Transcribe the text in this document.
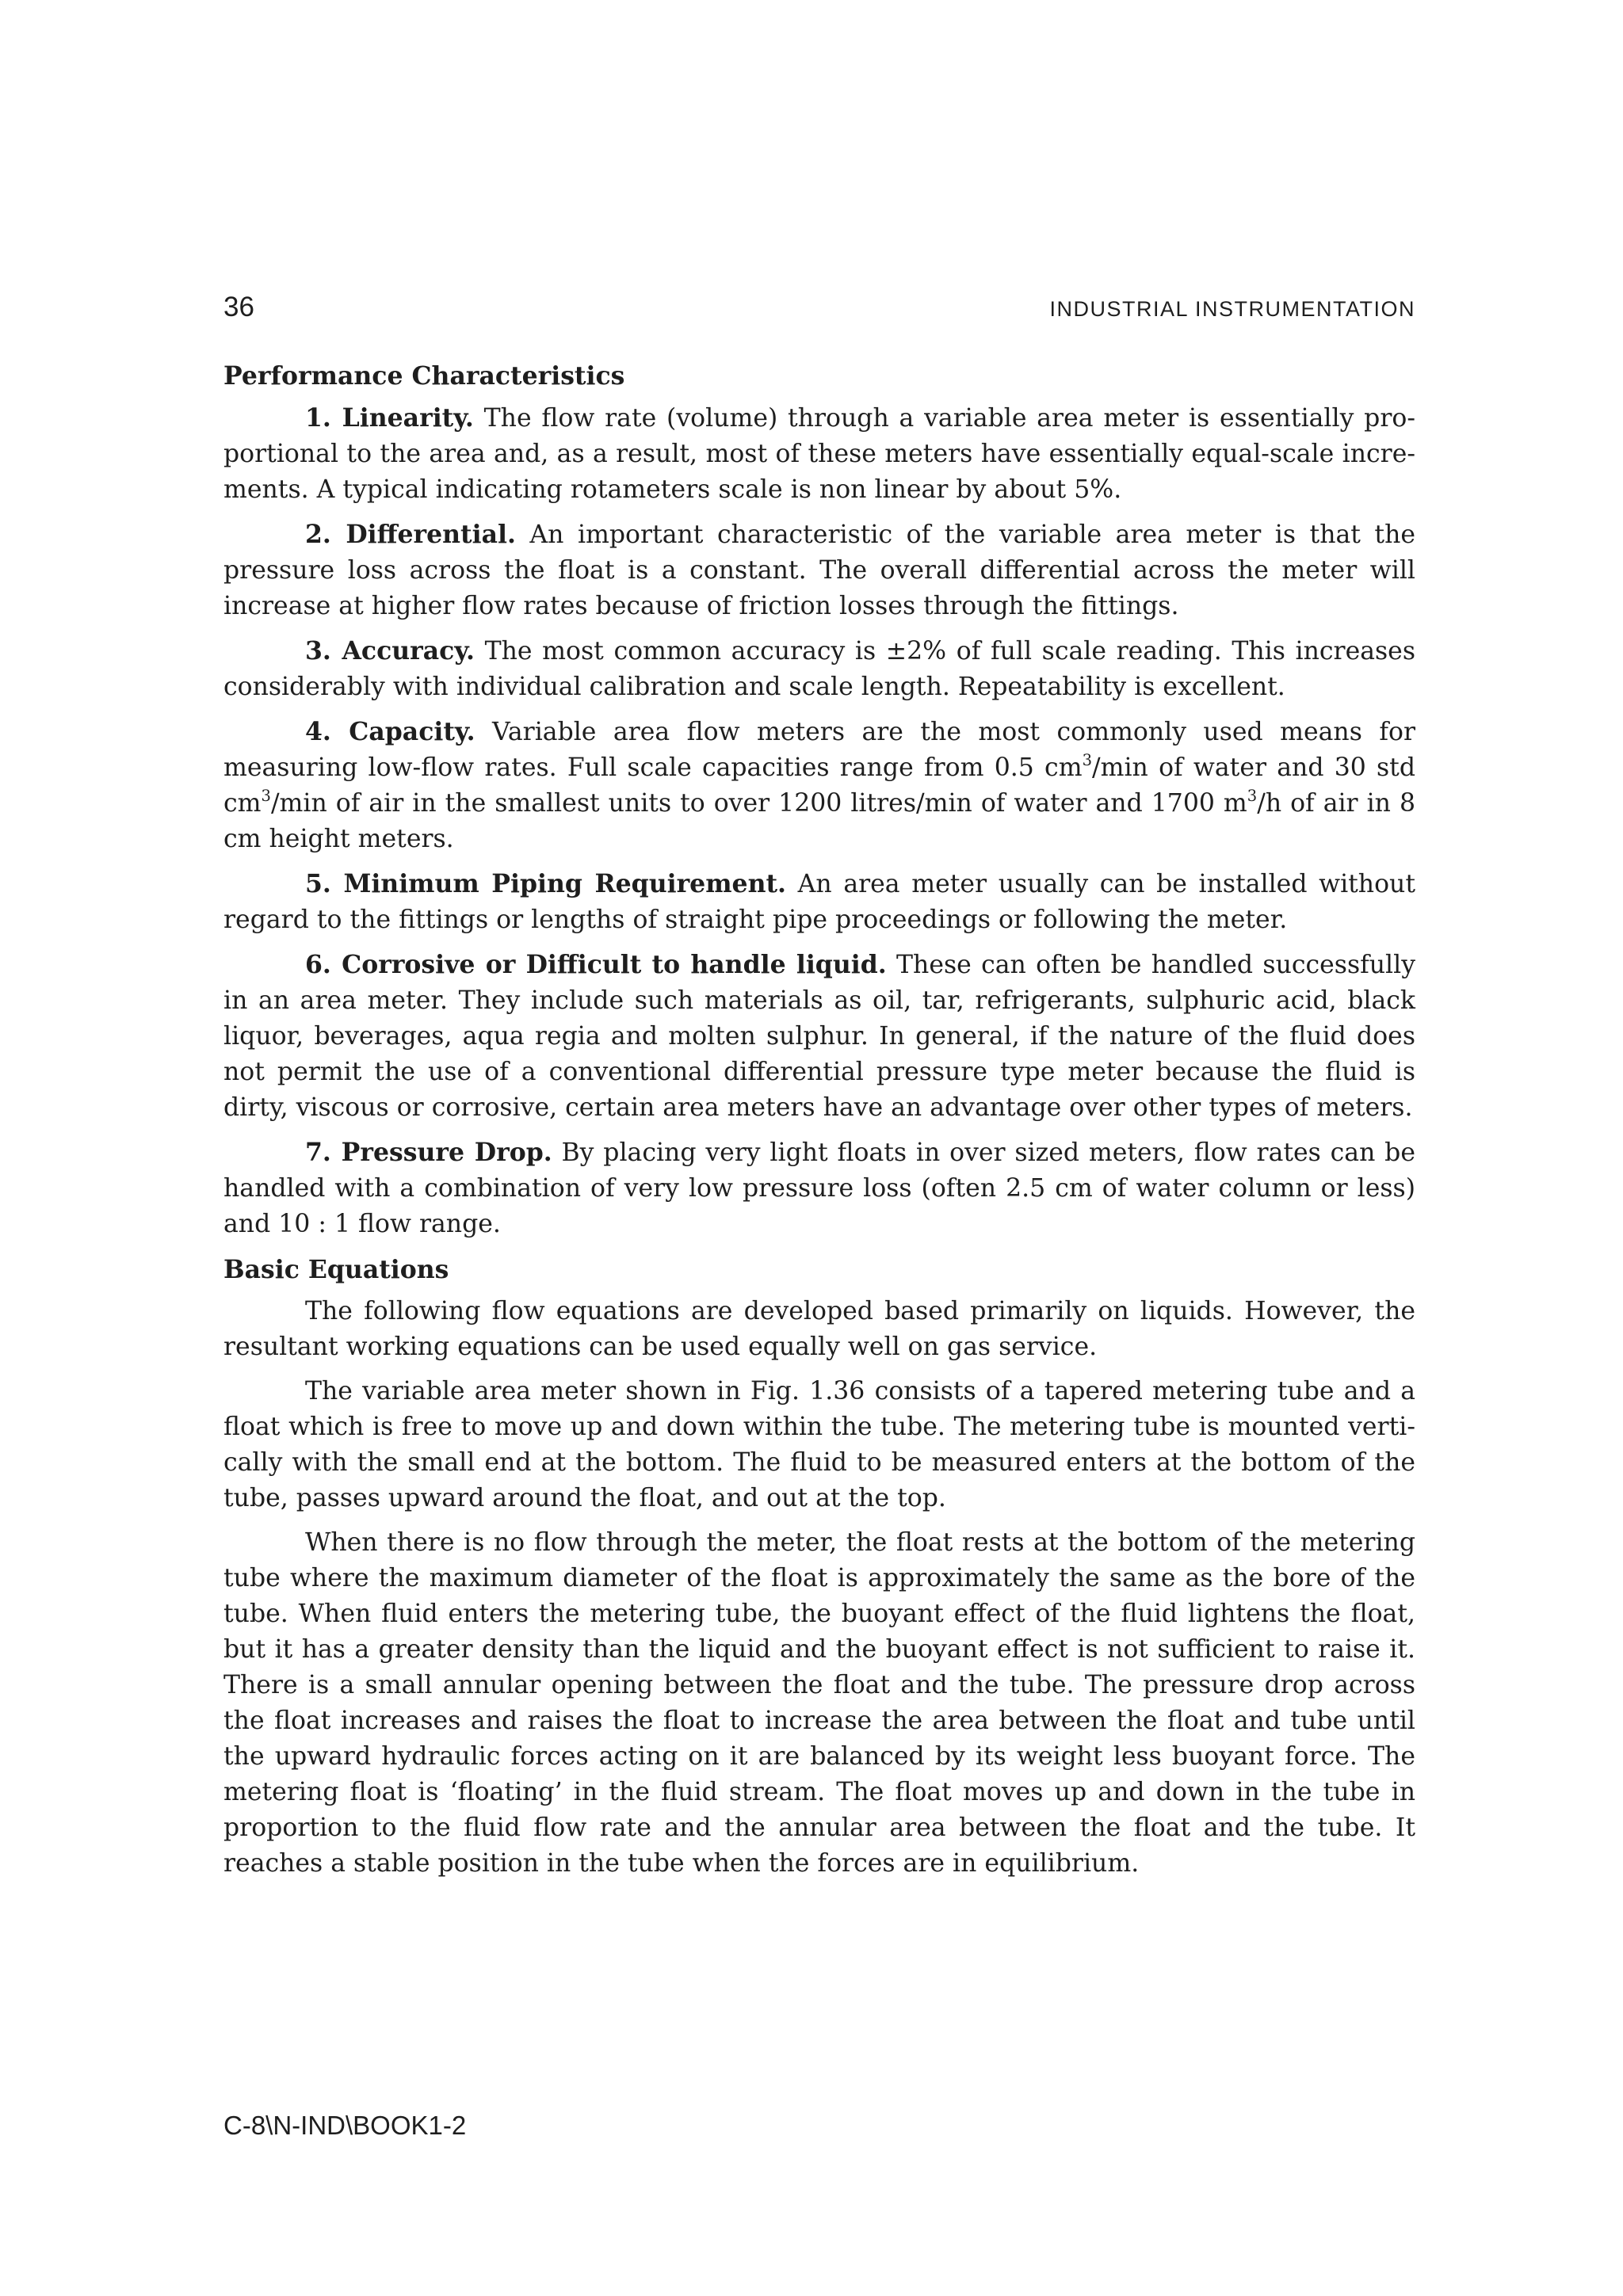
36	INDUSTRIAL INSTRUMENTATION
Performance Characteristics

1. Linearity. The flow rate (volume) through a variable area meter is essentially proportional to the area and, as a result, most of these meters have essentially equal-scale increments. A typical indicating rotameters scale is non linear by about 5%.

2. Differential. An important characteristic of the variable area meter is that the pressure loss across the float is a constant. The overall differential across the meter will increase at higher flow rates because of friction losses through the fittings.

3. Accuracy. The most common accuracy is ±2% of full scale reading. This increases considerably with individual calibration and scale length. Repeatability is excellent.

4. Capacity. Variable area flow meters are the most commonly used means for measuring low-flow rates. Full scale capacities range from 0.5 $cm^3/\min$ of water and 30 std $cm^3/\min$ of air in the smallest units to over 1200 litres/min of water and 1700 $m^3/h$ of air in 8 cm height meters.

5. Minimum Piping Requirement. An area meter usually can be installed without regard to the fittings or lengths of straight pipe proceedings or following the meter.

6. Corrosive or Difficult to handle liquid. These can often be handled successfully in an area meter. They include such materials as oil, tar, refrigerants, sulphuric acid, black liquor, beverages, aqua regia and molten sulphur. In general, if the nature of the fluid does not permit the use of a conventional differential pressure type meter because the fluid is dirty, viscous or corrosive, certain area meters have an advantage over other types of meters.

7. Pressure Drop. By placing very light floats in over sized meters, flow rates can be handled with a combination of very low pressure loss (often 2.5 cm of water column or less) and 10 : 1 flow range.

Basic Equations

The following flow equations are developed based primarily on liquids. However, the resultant working equations can be used equally well on gas service.

The variable area meter shown in Fig. 1.36 consists of a tapered metering tube and a float which is free to move up and down within the tube. The metering tube is mounted vertically with the small end at the bottom. The fluid to be measured enters at the bottom of the tube, passes upward around the float, and out at the top.

When there is no flow through the meter, the float rests at the bottom of the metering tube where the maximum diameter of the float is approximately the same as the bore of the tube. When fluid enters the metering tube, the buoyant effect of the fluid lightens the float, but it has a greater density than the liquid and the buoyant effect is not sufficient to raise it. There is a small annular opening between the float and the tube. The pressure drop across the float increases and raises the float to increase the area between the float and tube until the upward hydraulic forces acting on it are balanced by its weight less buoyant force. The metering float is ‘floating’ in the fluid stream. The float moves up and down in the tube in proportion to the fluid flow rate and the annular area between the float and the tube. It reaches a stable position in the tube when the forces are in equilibrium.

C-8\N-IND\BOOK1-2
